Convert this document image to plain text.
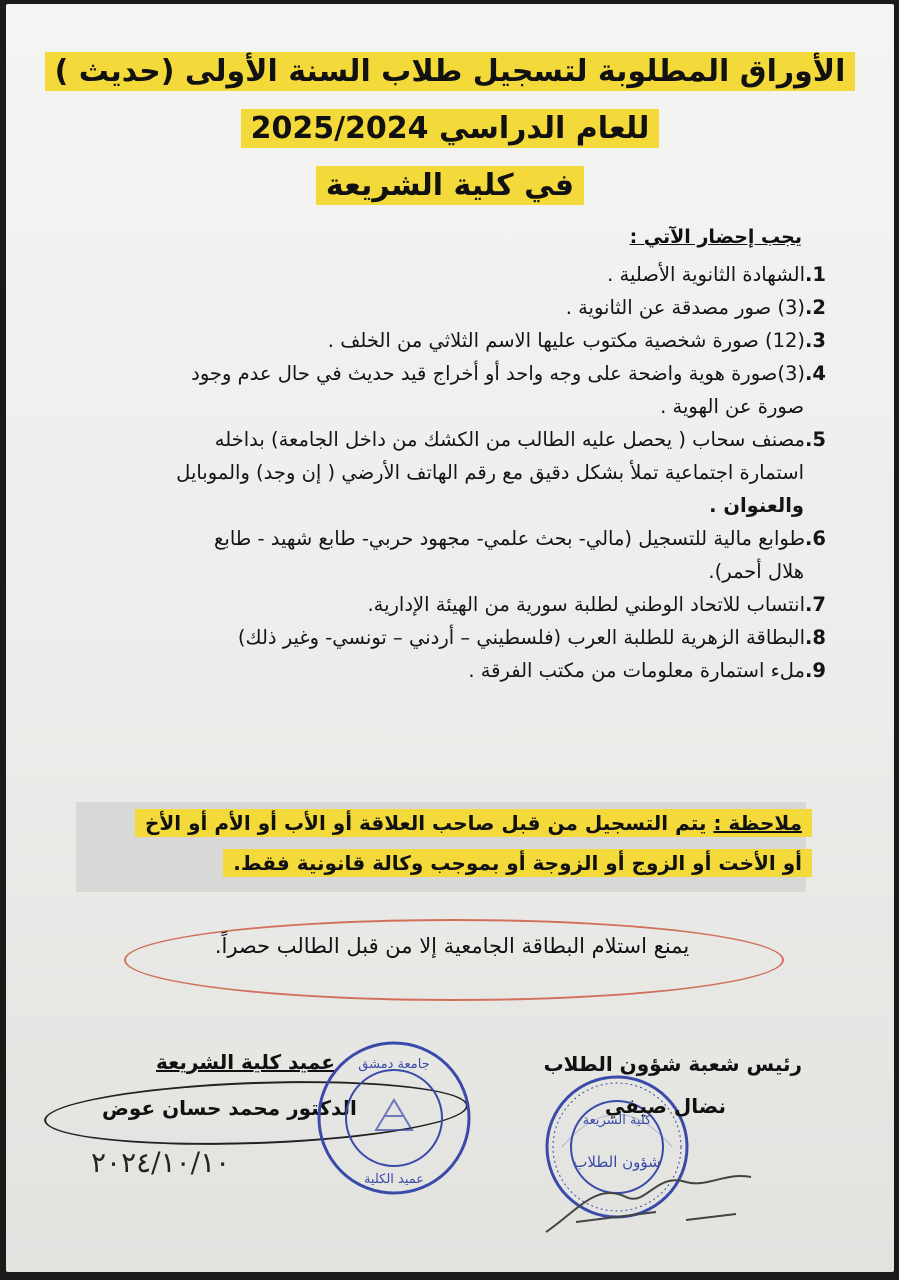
الأوراق المطلوبة لتسجيل طلاب السنة الأولى (حديث )
للعام الدراسي 2025/2024
في كلية الشريعة
يجب إحضار الآتي :

1.الشهادة الثانوية الأصلية .

2.(3) صور مصدقة عن الثانوية .

3.(12) صورة شخصية مكتوب عليها الاسم الثلاثي من الخلف .

4.(3)صورة هوية واضحة على وجه واحد أو أخراج قيد حديث في حال عدم وجود
صورة عن الهوية .

5.مصنف سحاب ( يحصل عليه الطالب من الكشك من داخل الجامعة) بداخله
استمارة اجتماعية تملأ بشكل دقيق مع رقم الهاتف الأرضي ( إن وجد) والموبايل
والعنوان .

6.طوابع مالية للتسجيل (مالي- بحث علمي- مجهود حربي- طابع شهيد - طابع
هلال أحمر).

7.انتساب للاتحاد الوطني لطلبة سورية من الهيئة الإدارية.

8.البطاقة الزهرية للطلبة العرب (فلسطيني – أردني – تونسي- وغير ذلك)

9.ملء استمارة معلومات من مكتب الفرقة .

ملاحظة : يتم التسجيل من قبل صاحب العلاقة أو الأب أو الأم أو الأخ
أو الأخت أو الزوج أو الزوجة أو بموجب وكالة قانونية فقط.
يمنع استلام البطاقة الجامعية إلا من قبل الطالب حصراً.
رئيس شعبة شؤون الطلاب
كلية الشريعة
شؤون الطلاب
نضال صيفي
عميد كلية الشريعة
الدكتور محمد حسان عوض
جامعة دمشق
عميد الكلية
٢٠٢٤/١٠/١٠
